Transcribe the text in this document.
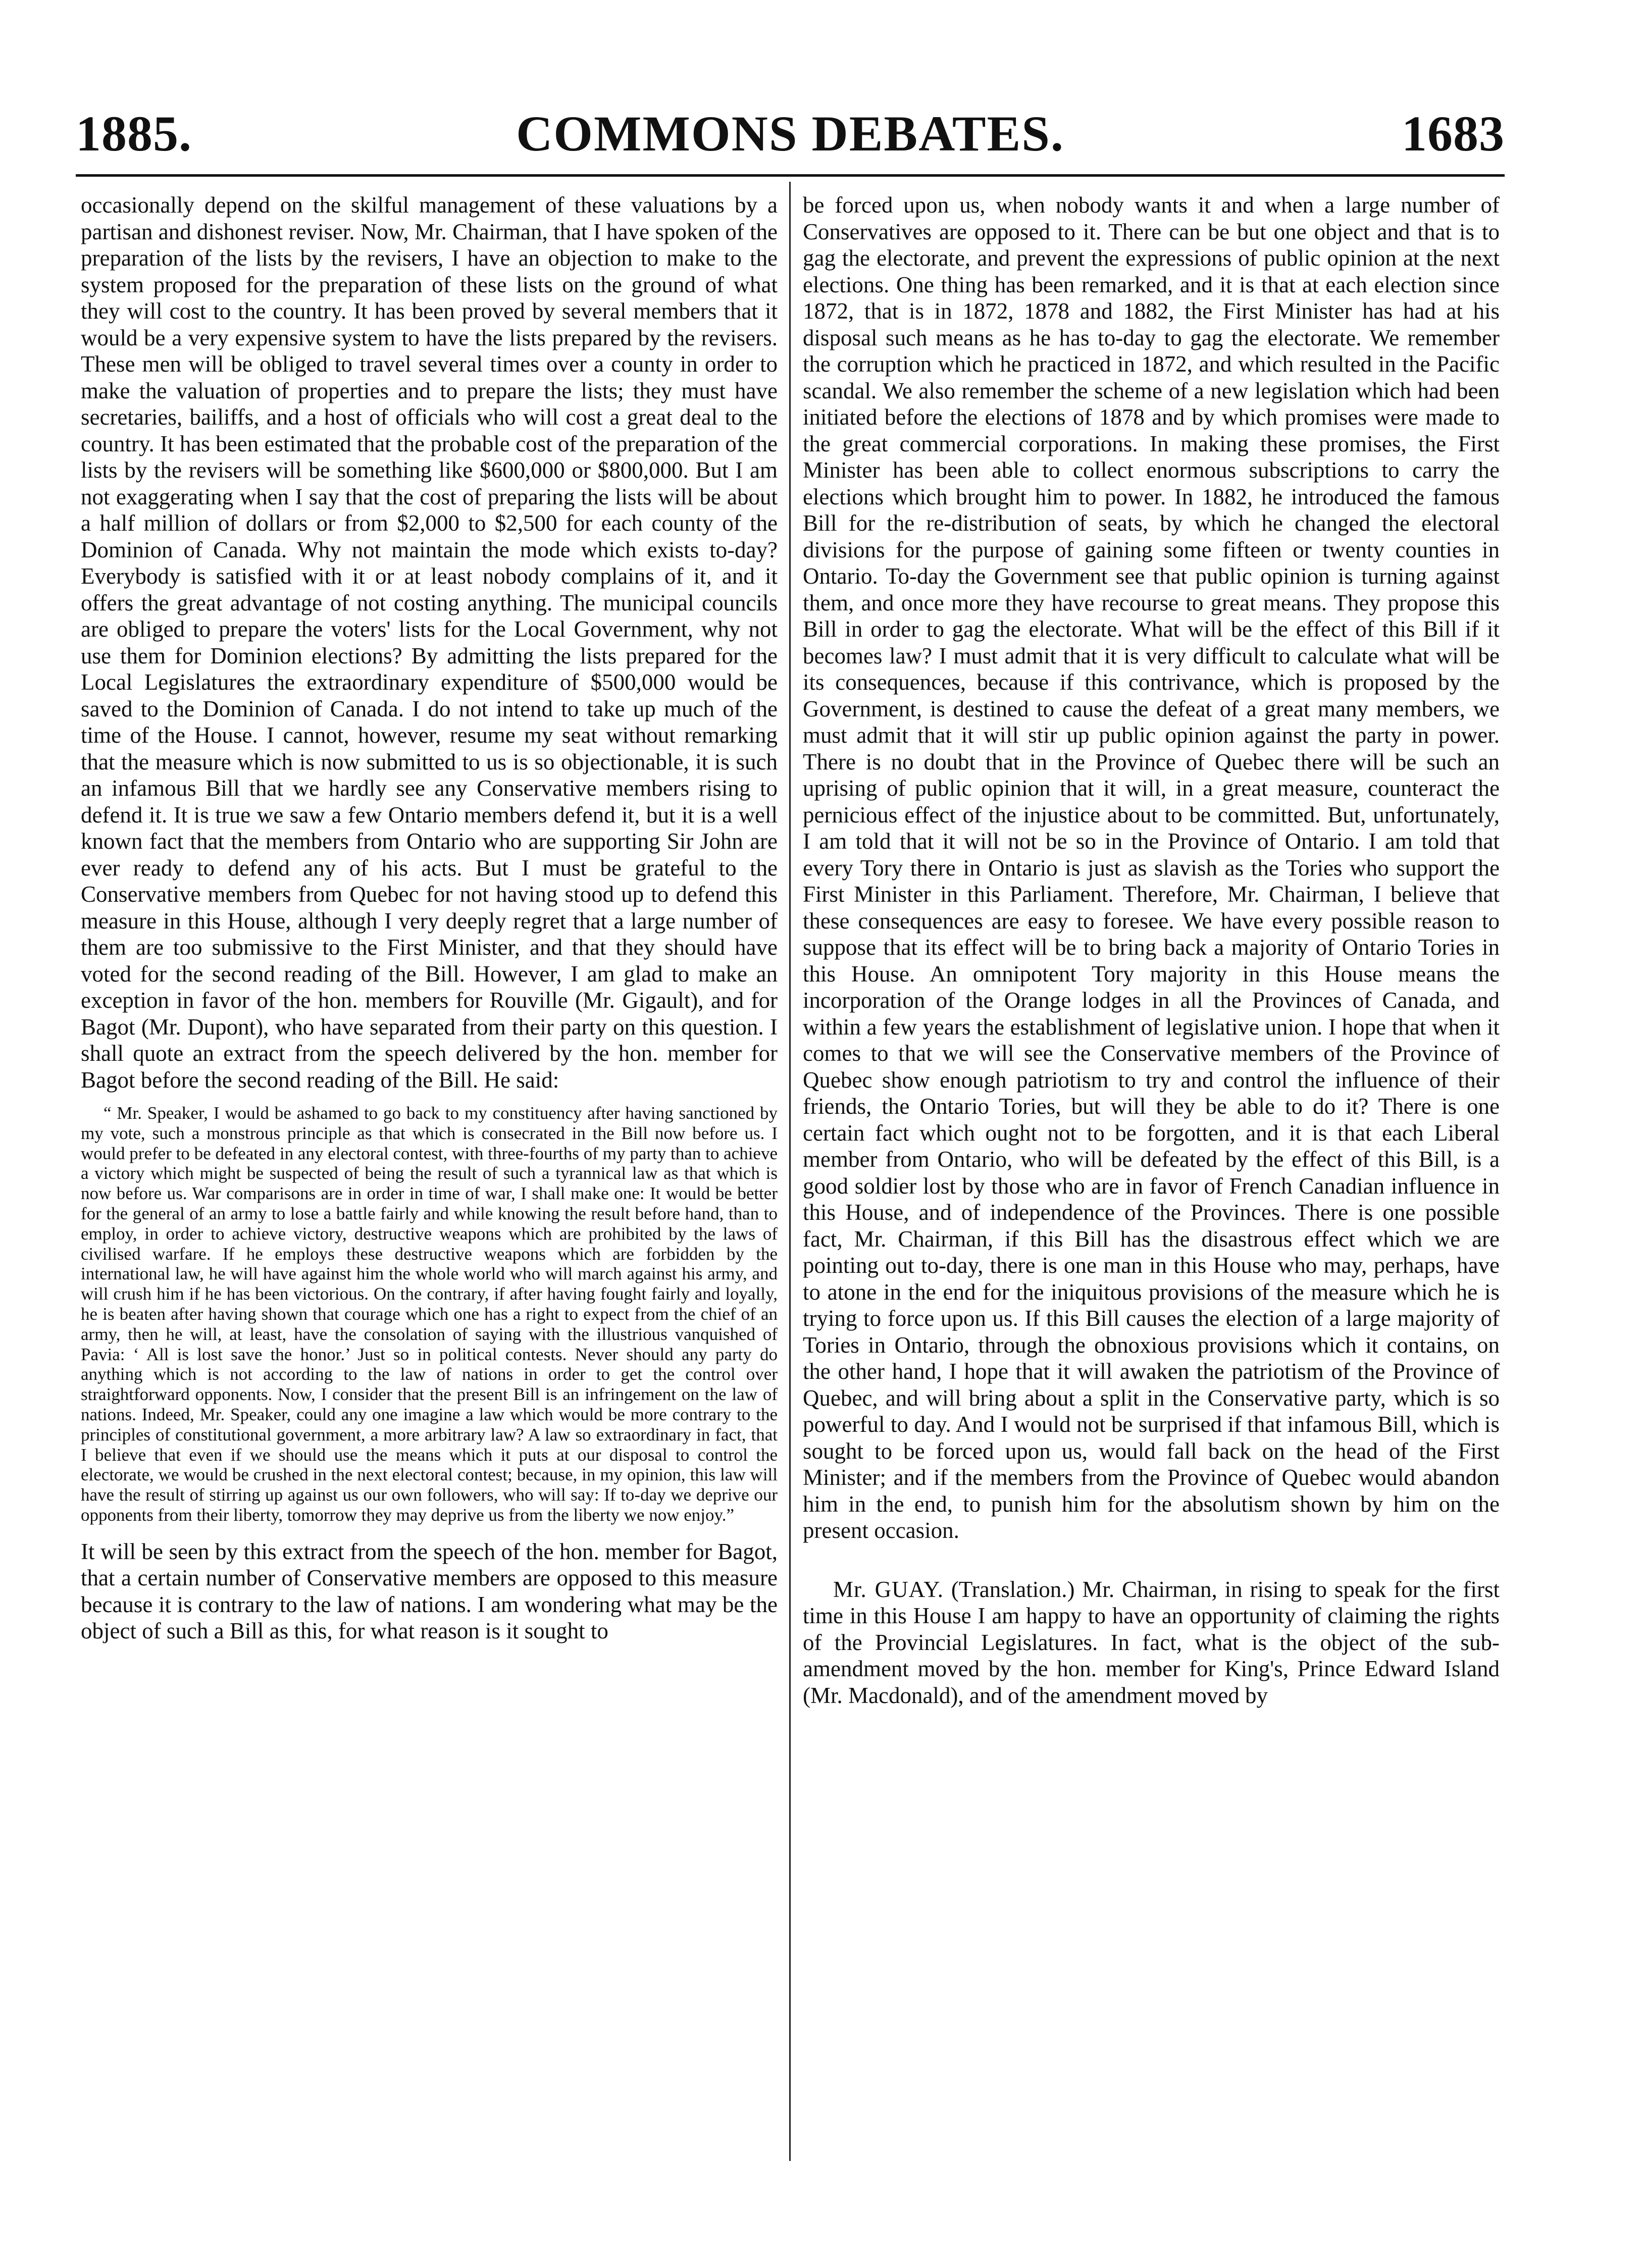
COMMONS DEBATES.
1885.	1683

occasionally depend on the skilful management of these valuations by a partisan and dishonest reviser. Now, Mr. Chairman, that I have spoken of the preparation of the lists by the revisers, I have an objection to make to the system proposed for the preparation of these lists on the ground of what they will cost to the country. It has been proved by several members that it would be a very expensive system to have the lists prepared by the revisers. These men will be obliged to travel several times over a county in order to make the valuation of properties and to prepare the lists; they must have secretaries, bailiffs, and a host of officials who will cost a great deal to the country. It has been estimated that the probable cost of the preparation of the lists by the revisers will be something like $600,000 or $800,000. But I am not exaggerating when I say that the cost of preparing the lists will be about a half million of dollars or from $2,000 to $2,500 for each county of the Dominion of Canada. Why not maintain the mode which exists to-day? Everybody is satisfied with it or at least nobody complains of it, and it offers the great advantage of not costing anything. The municipal councils are obliged to prepare the voters' lists for the Local Government, why not use them for Dominion elections? By admitting the lists prepared for the Local Legislatures the extraordinary expenditure of $500,000 would be saved to the Dominion of Canada. I do not intend to take up much of the time of the House. I cannot, however, resume my seat without remarking that the measure which is now submitted to us is so objectionable, it is such an infamous Bill that we hardly see any Conservative members rising to defend it. It is true we saw a few Ontario members defend it, but it is a well known fact that the members from Ontario who are supporting Sir John are ever ready to defend any of his acts. But I must be grateful to the Conservative members from Quebec for not having stood up to defend this measure in this House, although I very deeply regret that a large number of them are too submissive to the First Minister, and that they should have voted for the second reading of the Bill. However, I am glad to make an exception in favor of the hon. members for Rouville (Mr. Gigault), and for Bagot (Mr. Dupont), who have separated from their party on this question. I shall quote an extract from the speech delivered by the hon. member for Bagot before the second reading of the Bill. He said:

“ Mr. Speaker, I would be ashamed to go back to my constituency after having sanctioned by my vote, such a monstrous principle as that which is consecrated in the Bill now before us. I would prefer to be defeated in any electoral contest, with three-fourths of my party than to achieve a victory which might be suspected of being the result of such a tyrannical law as that which is now before us. War comparisons are in order in time of war, I shall make one: It would be better for the general of an army to lose a battle fairly and while knowing the result before hand, than to employ, in order to achieve victory, destructive weapons which are prohibited by the laws of civilised warfare. If he employs these destructive weapons which are forbidden by the international law, he will have against him the whole world who will march against his army, and will crush him if he has been victorious. On the contrary, if after having fought fairly and loyally, he is beaten after having shown that courage which one has a right to expect from the chief of an army, then he will, at least, have the consolation of saying with the illustrious vanquished of Pavia: ‘ All is lost save the honor.’ Just so in political contests. Never should any party do anything which is not according to the law of nations in order to get the control over straightforward opponents. Now, I consider that the present Bill is an infringement on the law of nations. Indeed, Mr. Speaker, could any one imagine a law which would be more contrary to the principles of constitutional government, a more arbitrary law? A law so extraordinary in fact, that I believe that even if we should use the means which it puts at our disposal to control the electorate, we would be crushed in the next electoral contest; because, in my opinion, this law will have the result of stirring up against us our own followers, who will say: If to-day we deprive our opponents from their liberty, tomorrow they may deprive us from the liberty we now enjoy.”

It will be seen by this extract from the speech of the hon. member for Bagot, that a certain number of Conservative members are opposed to this measure because it is contrary to the law of nations. I am wondering what may be the object of such a Bill as this, for what reason is it sought to

be forced upon us, when nobody wants it and when a large number of Conservatives are opposed to it. There can be but one object and that is to gag the electorate, and prevent the expressions of public opinion at the next elections. One thing has been remarked, and it is that at each election since 1872, that is in 1872, 1878 and 1882, the First Minister has had at his disposal such means as he has to-day to gag the electorate. We remember the corruption which he practiced in 1872, and which resulted in the Pacific scandal. We also remember the scheme of a new legislation which had been initiated before the elections of 1878 and by which promises were made to the great commercial corporations. In making these promises, the First Minister has been able to collect enormous subscriptions to carry the elections which brought him to power. In 1882, he introduced the famous Bill for the re-distribution of seats, by which he changed the electoral divisions for the purpose of gaining some fifteen or twenty counties in Ontario. To-day the Government see that public opinion is turning against them, and once more they have recourse to great means. They propose this Bill in order to gag the electorate. What will be the effect of this Bill if it becomes law? I must admit that it is very difficult to calculate what will be its consequences, because if this contrivance, which is proposed by the Government, is destined to cause the defeat of a great many members, we must admit that it will stir up public opinion against the party in power. There is no doubt that in the Province of Quebec there will be such an uprising of public opinion that it will, in a great measure, counteract the pernicious effect of the injustice about to be committed. But, unfortunately, I am told that it will not be so in the Province of Ontario. I am told that every Tory there in Ontario is just as slavish as the Tories who support the First Minister in this Parliament. Therefore, Mr. Chairman, I believe that these consequences are easy to foresee. We have every possible reason to suppose that its effect will be to bring back a majority of Ontario Tories in this House. An omnipotent Tory majority in this House means the incorporation of the Orange lodges in all the Provinces of Canada, and within a few years the establishment of legislative union. I hope that when it comes to that we will see the Conservative members of the Province of Quebec show enough patriotism to try and control the influence of their friends, the Ontario Tories, but will they be able to do it? There is one certain fact which ought not to be forgotten, and it is that each Liberal member from Ontario, who will be defeated by the effect of this Bill, is a good soldier lost by those who are in favor of French Canadian influence in this House, and of independence of the Provinces. There is one possible fact, Mr. Chairman, if this Bill has the disastrous effect which we are pointing out to-day, there is one man in this House who may, perhaps, have to atone in the end for the iniquitous provisions of the measure which he is trying to force upon us. If this Bill causes the election of a large majority of Tories in Ontario, through the obnoxious provisions which it contains, on the other hand, I hope that it will awaken the patriotism of the Province of Quebec, and will bring about a split in the Conservative party, which is so powerful to day. And I would not be surprised if that infamous Bill, which is sought to be forced upon us, would fall back on the head of the First Minister; and if the members from the Province of Quebec would abandon him in the end, to punish him for the absolutism shown by him on the present occasion.

Mr. GUAY. (Translation.) Mr. Chairman, in rising to speak for the first time in this House I am happy to have an opportunity of claiming the rights of the Provincial Legislatures. In fact, what is the object of the sub-amendment moved by the hon. member for King's, Prince Edward Island (Mr. Macdonald), and of the amendment moved by
